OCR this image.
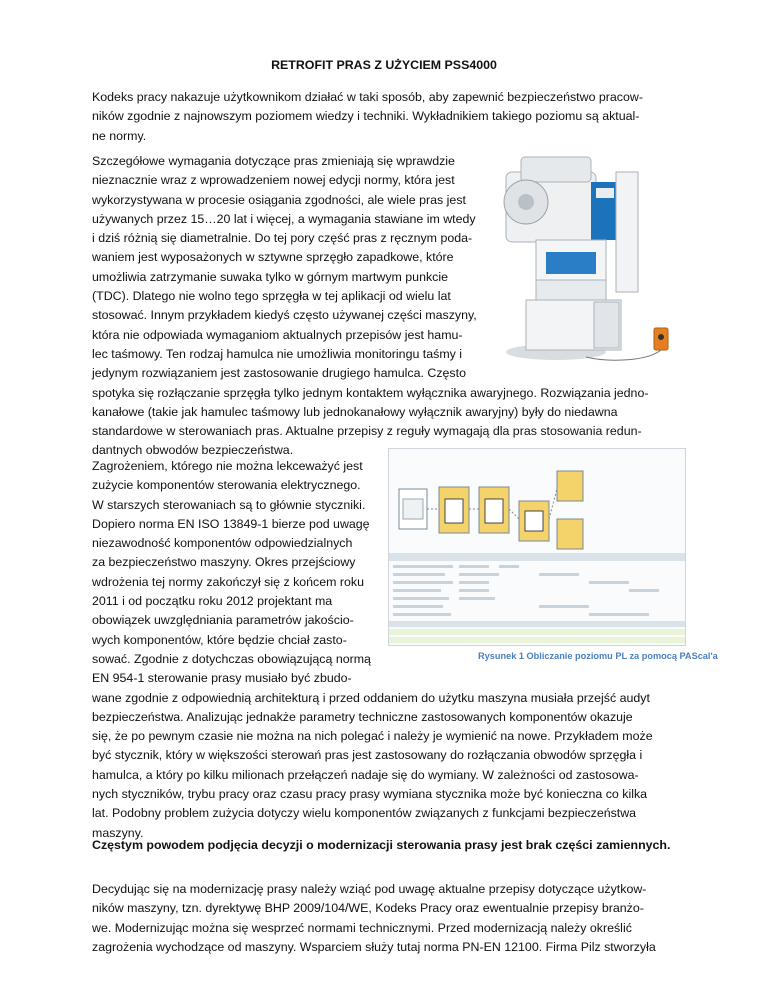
RETROFIT PRAS Z UŻYCIEM PSS4000
Kodeks pracy nakazuje użytkownikom działać w taki sposób, aby zapewnić bezpieczeństwo pracow-
ników zgodnie z najnowszym poziomem wiedzy i techniki. Wykładnikiem takiego poziomu są aktual-
ne normy.
Szczegółowe wymagania dotyczące pras zmieniają się wprawdzie
nieznacznie wraz z wprowadzeniem nowej edycji normy, która jest
wykorzystywana w procesie osiągania zgodności, ale wiele pras jest
używanych przez 15…20 lat i więcej, a wymagania stawiane im wtedy
i dziś różnią się diametralnie. Do tej pory część pras z ręcznym poda-
waniem jest wyposażonych w sztywne sprzęgło zapadkowe, które
umożliwia zatrzymanie suwaka tylko w górnym martwym punkcie
(TDC). Dlatego nie wolno tego sprzęgła w tej aplikacji od wielu lat
stosować. Innym przykładem kiedyś często używanej części maszyny,
która nie odpowiada wymaganiom aktualnych przepisów jest hamu-
lec taśmowy. Ten rodzaj hamulca nie umożliwia monitoringu taśmy i
jedynym rozwiązaniem jest zastosowanie drugiego hamulca. Często
spotyka się rozłączanie sprzęgła tylko jednym kontaktem wyłącznika awaryjnego. Rozwiązania jedno-
kanałowe (takie jak hamulec taśmowy lub jednokanałowy wyłącznik awaryjny) były do niedawna
standardowe w sterowaniach pras. Aktualne przepisy z reguły wymagają dla pras stosowania redun-
dantnych obwodów bezpieczeństwa.
Zagrożeniem, którego nie można lekceważyć jest
zużycie komponentów sterowania elektrycznego.
W starszych sterowaniach są to głównie styczniki.
Dopiero norma EN ISO 13849-1 bierze pod uwagę
niezawodność komponentów odpowiedzialnych
za bezpieczeństwo maszyny. Okres przejściowy
wdrożenia tej normy zakończył się z końcem roku
2011 i od początku roku 2012 projektant ma
obowiązek uwzględniania parametrów jakościo-
wych komponentów, które będzie chciał zasto-
sować. Zgodnie z dotychczas obowiązującą normą
EN 954-1 sterowanie prasy musiało być zbudo-
wane zgodnie z odpowiednią architekturą i przed oddaniem do użytku maszyna musiała przejść audyt
bezpieczeństwa. Analizując jednakże parametry techniczne zastosowanych komponentów okazuje
się, że po pewnym czasie nie można na nich polegać i należy je wymienić na nowe. Przykładem może
być stycznik, który w większości sterowań pras jest zastosowany do rozłączania obwodów sprzęgła i
hamulca, a który po kilku milionach przełączeń nadaje się do wymiany. W zależności od zastosowa-
nych styczników, trybu pracy oraz czasu pracy prasy wymiana stycznika może być konieczna co kilka
lat. Podobny problem zużycia dotyczy wielu komponentów związanych z funkcjami bezpieczeństwa
maszyny.
Rysunek 1 Obliczanie poziomu PL za pomocą PAScal'a
Częstym powodem podjęcia decyzji o modernizacji sterowania prasy jest brak części zamiennych.
Decydując się na modernizację prasy należy wziąć pod uwagę aktualne przepisy dotyczące użytkow-
ników maszyny, tzn. dyrektywę BHP 2009/104/WE, Kodeks Pracy oraz ewentualnie przepisy branżo-
we. Modernizując można się wesprzeć normami technicznymi. Przed modernizacją należy określić
zagrożenia wychodzące od maszyny. Wsparciem służy tutaj norma PN-EN 12100. Firma Pilz stworzyła
